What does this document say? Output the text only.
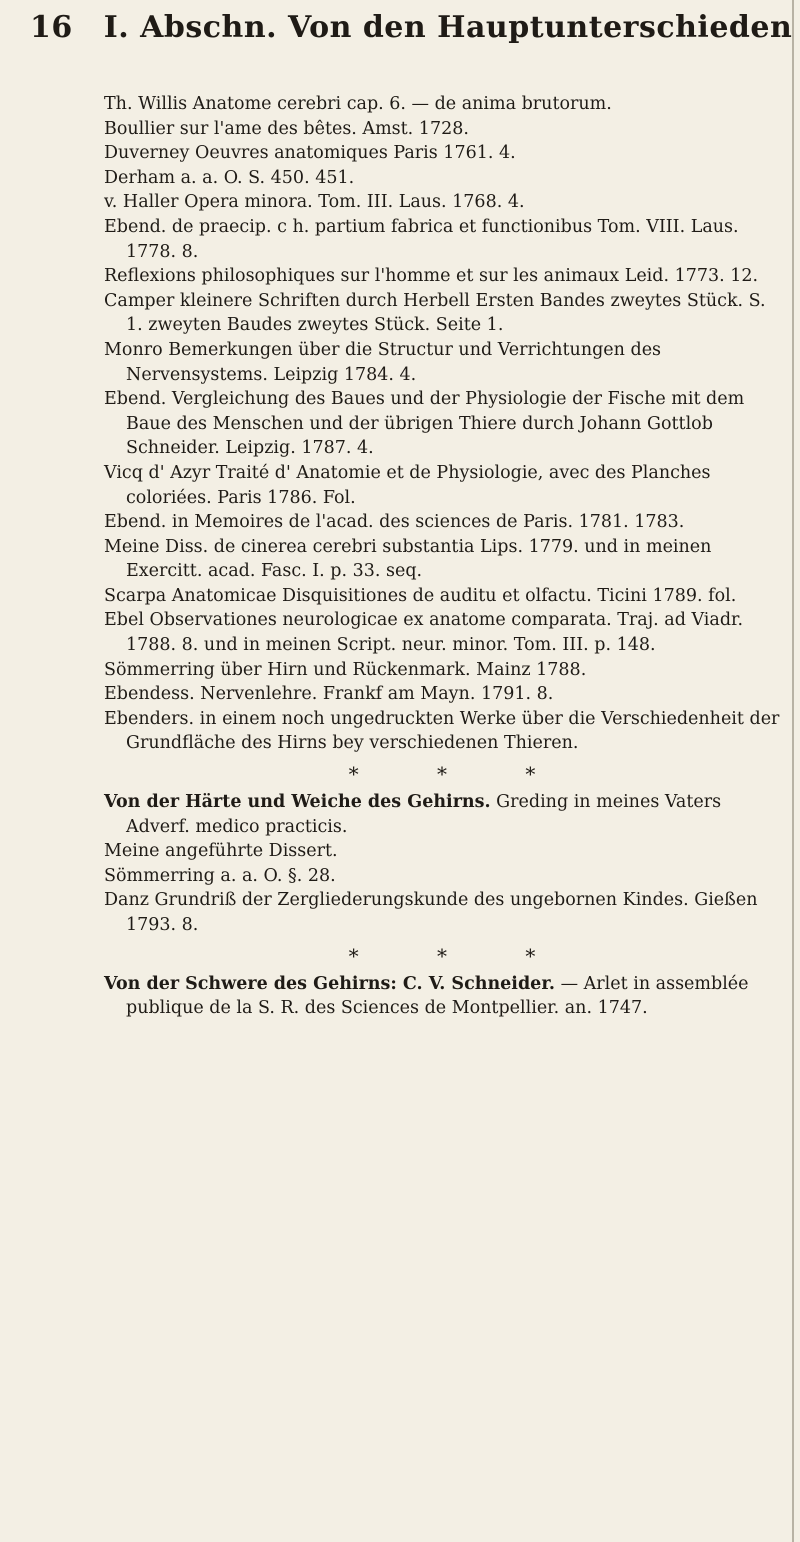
16 I. Abschn. Von den Hauptunterschieden

Th. Willis Anatome cerebri cap. 6. — de anima brutorum.

Boullier sur l'ame des bêtes. Amst. 1728.

Duverney Oeuvres anatomiques Paris 1761. 4.

Derham a. a. O. S. 450. 451.

v. Haller Opera minora. Tom. III. Laus. 1768. 4.

Ebend. de praecip. c h. partium fabrica et functionibus Tom. VIII. Laus. 1778. 8.

Reflexions philosophiques sur l'homme et sur les animaux Leid. 1773. 12.

Camper kleinere Schriften durch Herbell Ersten Bandes zweytes Stück. S. 1. zweyten Baudes zweytes Stück. Seite 1.

Monro Bemerkungen über die Structur und Verrichtungen des Nervensystems. Leipzig 1784. 4.

Ebend. Vergleichung des Baues und der Physiologie der Fische mit dem Baue des Menschen und der übrigen Thiere durch Johann Gottlob Schneider. Leipzig. 1787. 4.

Vicq d' Azyr Traité d' Anatomie et de Physiologie, avec des Planches coloriées. Paris 1786. Fol.

Ebend. in Memoires de l'acad. des sciences de Paris. 1781. 1783.

Meine Diss. de cinerea cerebri substantia Lips. 1779. und in meinen Exercitt. acad. Fasc. I. p. 33. seq.

Scarpa Anatomicae Disquisitiones de auditu et olfactu. Ticini 1789. fol.

Ebel Observationes neurologicae ex anatome comparata. Traj. ad Viadr. 1788. 8. und in meinen Script. neur. minor. Tom. III. p. 148.

Sömmerring über Hirn und Rückenmark. Mainz 1788.

Ebendess. Nervenlehre. Frankf am Mayn. 1791. 8.

Ebenders. in einem noch ungedruckten Werke über die Verschiedenheit der Grundfläche des Hirns bey verschiedenen Thieren.

* * *

Von der Härte und Weiche des Gehirns. Greding in meines Vaters Adverf. medico practicis.

Meine angeführte Dissert.

Sömmerring a. a. O. §. 28.

Danz Grundriß der Zergliederungskunde des ungebornen Kindes. Gießen 1793. 8.

* * *

Von der Schwere des Gehirns: C. V. Schneider. — Arlet in assemblée publique de la S. R. des Sciences de Montpellier. an. 1747.
